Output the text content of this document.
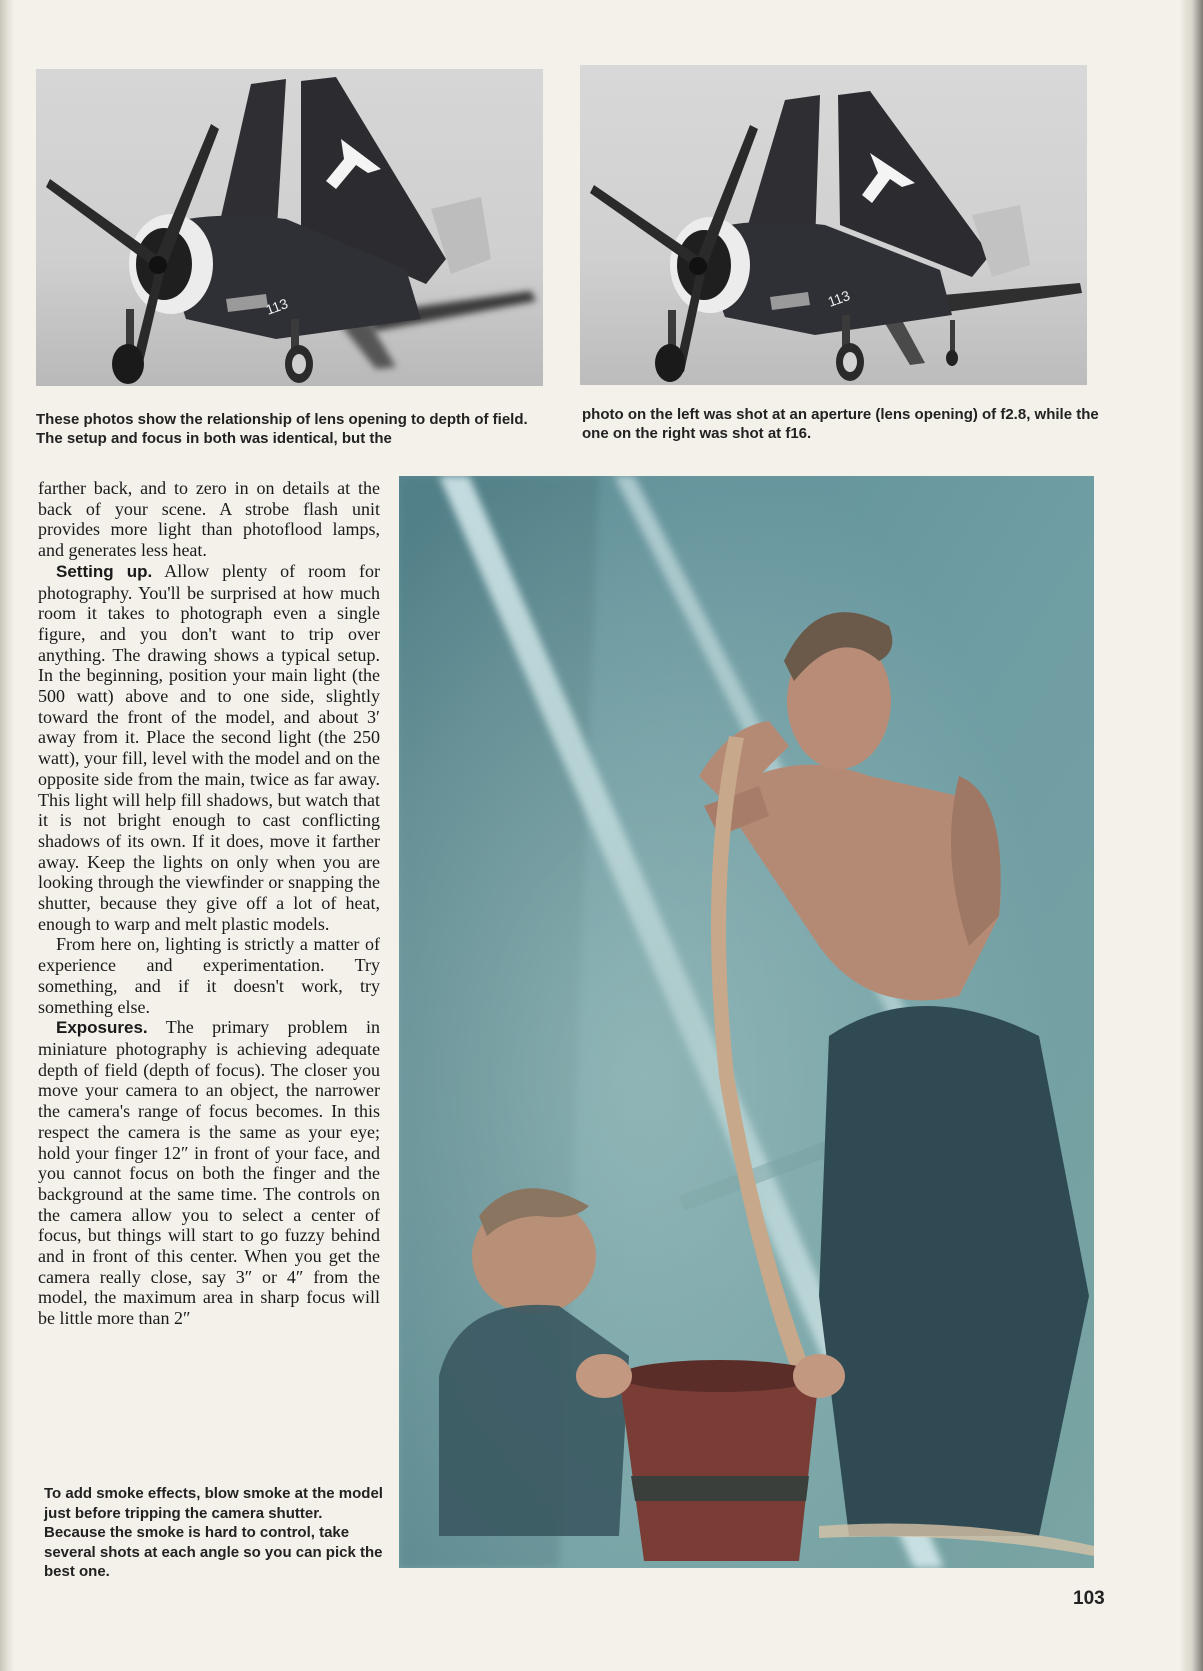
113	113

These photos show the relationship of lens opening to depth of field. The setup and focus in both was identical, but the

photo on the left was shot at an aperture (lens opening) of f2.8, while the one on the right was shot at f16.

farther back, and to zero in on details at the back of your scene. A strobe flash unit provides more light than photoflood lamps, and generates less heat.

Setting up. Allow plenty of room for photography. You'll be surprised at how much room it takes to photograph even a single figure, and you don't want to trip over anything. The drawing shows a typical setup. In the beginning, position your main light (the 500 watt) above and to one side, slightly toward the front of the model, and about 3′ away from it. Place the second light (the 250 watt), your fill, level with the model and on the opposite side from the main, twice as far away. This light will help fill shadows, but watch that it is not bright enough to cast conflicting shadows of its own. If it does, move it farther away. Keep the lights on only when you are looking through the viewfinder or snapping the shutter, because they give off a lot of heat, enough to warp and melt plastic models.

From here on, lighting is strictly a matter of experience and experimentation. Try something, and if it doesn't work, try something else.

Exposures. The primary problem in miniature photography is achieving adequate depth of field (depth of focus). The closer you move your camera to an object, the narrower the camera's range of focus becomes. In this respect the camera is the same as your eye; hold your finger 12″ in front of your face, and you cannot focus on both the finger and the background at the same time. The controls on the camera allow you to select a center of focus, but things will start to go fuzzy behind and in front of this center. When you get the camera really close, say 3″ or 4″ from the model, the maximum area in sharp focus will be little more than 2″

To add smoke effects, blow smoke at the model just before tripping the camera shutter. Because the smoke is hard to control, take several shots at each angle so you can pick the best one.

103
